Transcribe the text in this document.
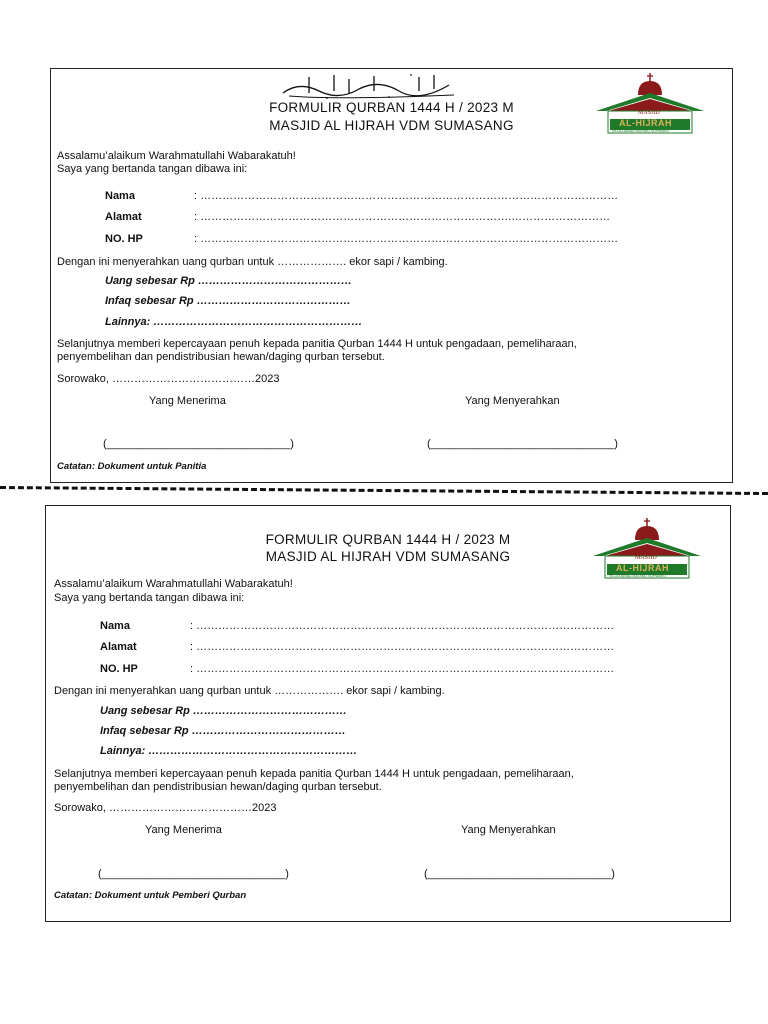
FORMULIR QURBAN 1444 H / 2023 M
MASJID AL HIJRAH VDM SUMASANG
MASJID
AL-HIJRAH
VILLA DANAU MATANO SORWAKO
Assalamu’alaikum Warahmatullahi Wabarakatuh!
Saya yang bertanda tangan dibawa ini:
Nama	: ……………………………………………………………………………………………………
Alamat	: ………………………………………………………………………….………………………
NO. HP	: ……………………………………………………………………………………………………
Dengan ini menyerahkan uang qurban untuk ………………. ekor sapi / kambing.
Uang sebesar Rp ……………………………………
Infaq sebesar Rp ……………………………………
Lainnya: …………………………………………………
Selanjutnya memberi kepercayaan penuh kepada panitia Qurban 1444 H untuk pengadaan, pemeliharaan,
penyembelihan dan pendistribusian hewan/daging qurban tersebut.
Sorowako, …………………………………2023
Yang Menerima	Yang Menyerahkan
(______________________________)	(______________________________)
Catatan: Dokument untuk Panitia
FORMULIR QURBAN 1444 H / 2023 M
MASJID AL HIJRAH VDM SUMASANG	MASJID
AL-HIJRAH
VILLA DANAU MATANO SORWAKO
Assalamu’alaikum Warahmatullahi Wabarakatuh!
Saya yang bertanda tangan dibawa ini:
Nama	: ……………………………………………………………………………………………………
Alamat	: ……………………………………………………………………………………………………
NO. HP	: ……………………………………………………………………………………………………
Dengan ini menyerahkan uang qurban untuk ………………. ekor sapi / kambing.
Uang sebesar Rp ……………………………………
Infaq sebesar Rp ……………………………………
Lainnya: …………………………………………………
Selanjutnya memberi kepercayaan penuh kepada panitia Qurban 1444 H untuk pengadaan, pemeliharaan,
penyembelihan dan pendistribusian hewan/daging qurban tersebut.
Sorowako, …………………………………2023
Yang Menerima	Yang Menyerahkan
(______________________________)	(______________________________)
Catatan: Dokument untuk Pemberi Qurban
